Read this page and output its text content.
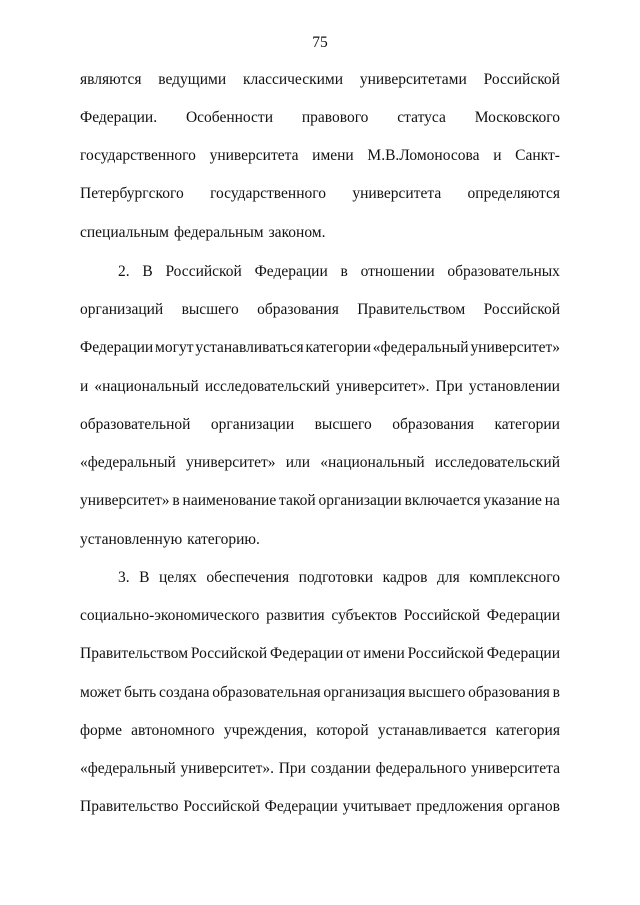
75
являются ведущими классическими университетами Российской
Федерации. Особенности правового статуса Московского
государственного университета имени М.В.Ломоносова и Санкт-
Петербургского государственного университета определяются
специальным федеральным законом.
2. В Российской Федерации в отношении образовательных
организаций высшего образования Правительством Российской
Федерации могут устанавливаться категории «федеральный университет»
и «национальный исследовательский университет». При установлении
образовательной организации высшего образования категории
«федеральный университет» или «национальный исследовательский
университет» в наименование такой организации включается указание на
установленную категорию.
3. В целях обеспечения подготовки кадров для комплексного
социально-экономического развития субъектов Российской Федерации
Правительством Российской Федерации от имени Российской Федерации
может быть создана образовательная организация высшего образования в
форме автономного учреждения, которой устанавливается категория
«федеральный университет». При создании федерального университета
Правительство Российской Федерации учитывает предложения органов
